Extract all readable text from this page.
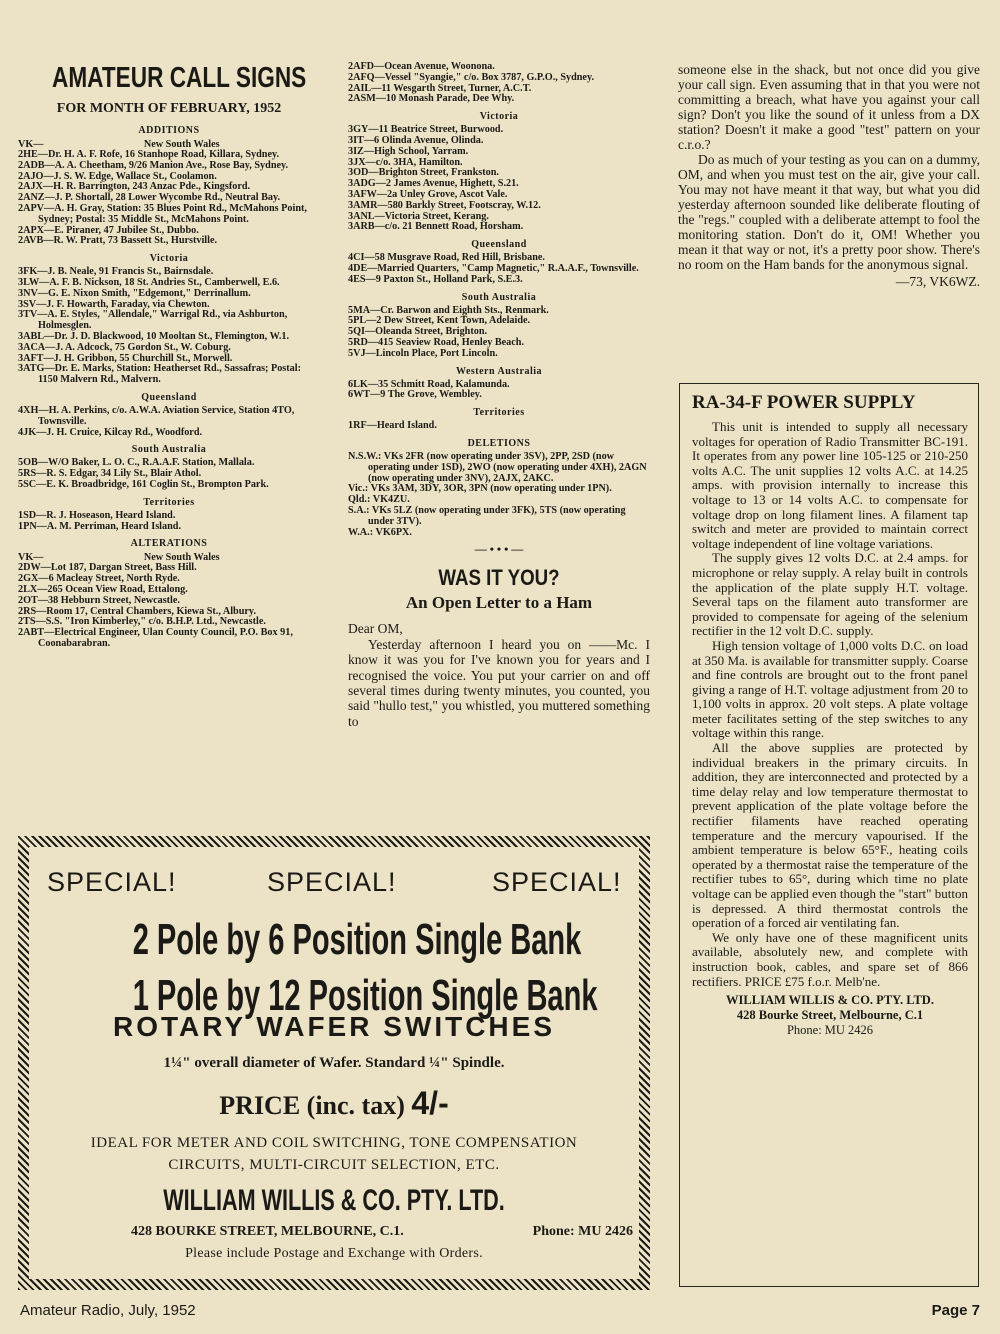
AMATEUR CALL SIGNS
FOR MONTH OF FEBRUARY, 1952
ADDITIONS
VK—	New South Wales

2HE—Dr. H. A. F. Rofe, 16 Stanhope Road, Killara, Sydney.

2ADB—A. A. Cheetham, 9/26 Manion Ave., Rose Bay, Sydney.

2AJO—J. S. W. Edge, Wallace St., Coolamon.

2AJX—H. R. Barrington, 243 Anzac Pde., Kingsford.

2ANZ—J. P. Shortall, 28 Lower Wycombe Rd., Neutral Bay.

2APV—A. H. Gray, Station: 35 Blues Point Rd., McMahons Point, Sydney; Postal: 35 Middle St., McMahons Point.

2APX—E. Piraner, 47 Jubilee St., Dubbo.

2AVB—R. W. Pratt, 73 Bassett St., Hurstville.

Victoria

3FK—J. B. Neale, 91 Francis St., Bairnsdale.

3LW—A. F. B. Nickson, 18 St. Andries St., Camberwell, E.6.

3NV—G. E. Nixon Smith, "Edgemont," Derrinallum.

3SV—J. F. Howarth, Faraday, via Chewton.

3TV—A. E. Styles, "Allendale," Warrigal Rd., via Ashburton, Holmesglen.

3ABL—Dr. J. D. Blackwood, 10 Mooltan St., Flemington, W.1.

3ACA—J. A. Adcock, 75 Gordon St., W. Coburg.

3AFT—J. H. Gribbon, 55 Churchill St., Morwell.

3ATG—Dr. E. Marks, Station: Heatherset Rd., Sassafras; Postal: 1150 Malvern Rd., Malvern.

Queensland

4XH—H. A. Perkins, c/o. A.W.A. Aviation Service, Station 4TO, Townsville.

4JK—J. H. Cruice, Kilcay Rd., Woodford.

South Australia

5OB—W/O Baker, L. O. C., R.A.A.F. Station, Mallala.

5RS—R. S. Edgar, 34 Lily St., Blair Athol.

5SC—E. K. Broadbridge, 161 Coglin St., Brompton Park.

Territories

1SD—R. J. Hoseason, Heard Island.

1PN—A. M. Perriman, Heard Island.

ALTERATIONS
VK—	New South Wales

2DW—Lot 187, Dargan Street, Bass Hill.

2GX—6 Macleay Street, North Ryde.

2LX—265 Ocean View Road, Ettalong.

2OT—38 Hebburn Street, Newcastle.

2RS—Room 17, Central Chambers, Kiewa St., Albury.

2TS—S.S. "Iron Kimberley," c/o. B.H.P. Ltd., Newcastle.

2ABT—Electrical Engineer, Ulan County Council, P.O. Box 91, Coonabarabran.

2AFD—Ocean Avenue, Woonona.

2AFQ—Vessel "Syangie," c/o. Box 3787, G.P.O., Sydney.

2AIL—11 Wesgarth Street, Turner, A.C.T.

2ASM—10 Monash Parade, Dee Why.

Victoria

3GY—11 Beatrice Street, Burwood.

3IT—6 Olinda Avenue, Olinda.

3IZ—High School, Yarram.

3JX—c/o. 3HA, Hamilton.

3OD—Brighton Street, Frankston.

3ADG—2 James Avenue, Highett, S.21.

3AFW—2a Unley Grove, Ascot Vale.

3AMR—580 Barkly Street, Footscray, W.12.

3ANL—Victoria Street, Kerang.

3ARB—c/o. 21 Bennett Road, Horsham.

Queensland

4CI—58 Musgrave Road, Red Hill, Brisbane.

4DE—Married Quarters, "Camp Magnetic," R.A.A.F., Townsville.

4ES—9 Paxton St., Holland Park, S.E.3.

South Australia

5MA—Cr. Barwon and Eighth Sts., Renmark.

5PL—2 Dew Street, Kent Town, Adelaide.

5QI—Oleanda Street, Brighton.

5RD—415 Seaview Road, Henley Beach.

5VJ—Lincoln Place, Port Lincoln.

Western Australia

6LK—35 Schmitt Road, Kalamunda.

6WT—9 The Grove, Wembley.

Territories

1RF—Heard Island.

DELETIONS

N.S.W.: VKs 2FR (now operating under 3SV), 2PP, 2SD (now operating under 1SD), 2WO (now operating under 4XH), 2AGN (now operating under 3NV), 2AJX, 2AKC.

Vic.: VKs 3AM, 3DY, 3OR, 3PN (now operating under 1PN).

Qld.: VK4ZU.

S.A.: VKs 5LZ (now operating under 3FK), 5TS (now operating under 3TV).

W.A.: VK6PX.

— • • • —
WAS IT YOU?
An Open Letter to a Ham

Dear OM,

Yesterday afternoon I heard you on ——Mc. I know it was you for I've known you for years and I recognised the voice. You put your carrier on and off several times during twenty minutes, you counted, you said "hullo test," you whistled, you muttered something to

someone else in the shack, but not once did you give your call sign. Even assuming that in that you were not committing a breach, what have you against your call sign? Don't you like the sound of it unless from a DX station? Doesn't it make a good "test" pattern on your c.r.o.?

Do as much of your testing as you can on a dummy, OM, and when you must test on the air, give your call. You may not have meant it that way, but what you did yesterday afternoon sounded like deliberate flouting of the "regs." coupled with a deliberate attempt to fool the monitoring station. Don't do it, OM! Whether you mean it that way or not, it's a pretty poor show. There's no room on the Ham bands for the anonymous signal.

—73, VK6WZ.
RA-34-F POWER SUPPLY

This unit is intended to supply all necessary voltages for operation of Radio Transmitter BC-191. It operates from any power line 105-125 or 210-250 volts A.C. The unit supplies 12 volts A.C. at 14.25 amps. with provision internally to increase this voltage to 13 or 14 volts A.C. to compensate for voltage drop on long filament lines. A filament tap switch and meter are provided to maintain correct voltage independent of line voltage variations.

The supply gives 12 volts D.C. at 2.4 amps. for microphone or relay supply. A relay built in controls the application of the plate supply H.T. voltage. Several taps on the filament auto transformer are provided to compensate for ageing of the selenium rectifier in the 12 volt D.C. supply.

High tension voltage of 1,000 volts D.C. on load at 350 Ma. is available for transmitter supply. Coarse and fine controls are brought out to the front panel giving a range of H.T. voltage adjustment from 20 to 1,100 volts in approx. 20 volt steps. A plate voltage meter facilitates setting of the step switches to any voltage within this range.

All the above supplies are protected by individual breakers in the primary circuits. In addition, they are interconnected and protected by a time delay relay and low temperature thermostat to prevent application of the plate voltage before the rectifier filaments have reached operating temperature and the mercury vapourised. If the ambient temperature is below 65°F., heating coils operated by a thermostat raise the temperature of the rectifier tubes to 65°, during which time no plate voltage can be applied even though the "start" button is depressed. A third thermostat controls the operation of a forced air ventilating fan.

We only have one of these magnificent units available, absolutely new, and complete with instruction book, cables, and spare set of 866 rectifiers. PRICE £75 f.o.r. Melb'ne.

WILLIAM WILLIS & CO. PTY. LTD.
428 Bourke Street, Melbourne, C.1
Phone: MU 2426
SPECIAL!	SPECIAL!	SPECIAL!
2 Pole by 6 Position Single Bank
1 Pole by 12 Position Single Bank
ROTARY WAFER SWITCHES
1¼" overall diameter of Wafer. Standard ¼" Spindle.
PRICE (inc. tax) 4/-
IDEAL FOR METER AND COIL SWITCHING, TONE COMPENSATION
CIRCUITS, MULTI-CIRCUIT SELECTION, ETC.
WILLIAM WILLIS & CO. PTY. LTD.
428 BOURKE STREET, MELBOURNE, C.1.	Phone: MU 2426
Please include Postage and Exchange with Orders.
Amateur Radio, July, 1952	Page 7
